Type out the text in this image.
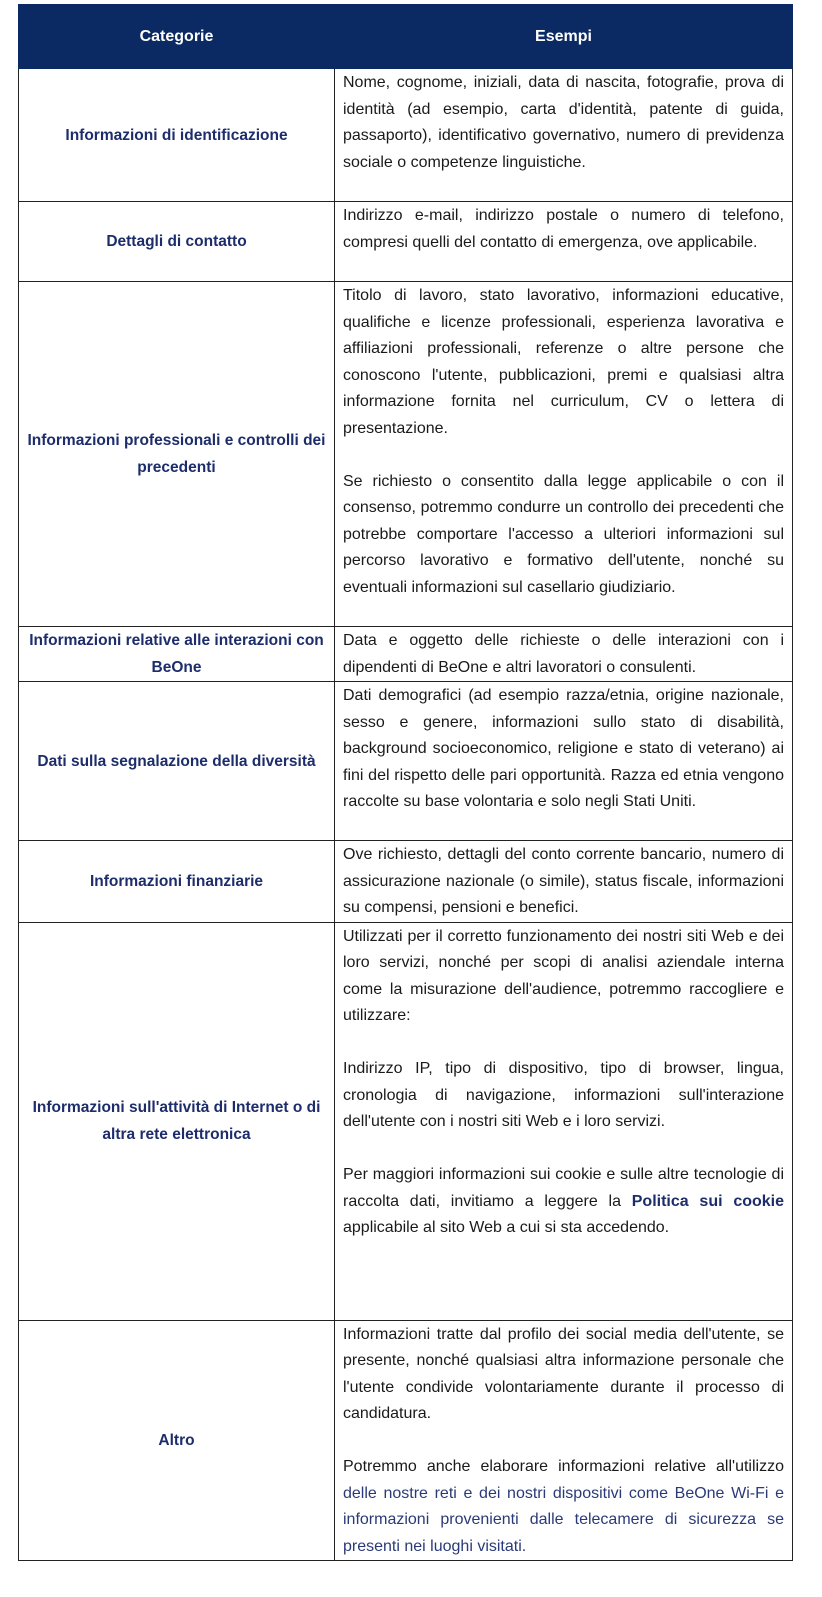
Categorie	Esempi
Informazioni di identificazione	Nome, cognome, iniziali, data di nascita, fotografie, prova di identità (ad esempio, carta d'identità, patente di guida, passaporto), identificativo governativo, numero di previdenza sociale o competenze linguistiche.

Dettagli di contatto	Indirizzo e-mail, indirizzo postale o numero di telefono, compresi quelli del contatto di emergenza, ove applicabile.

Informazioni professionali e controlli dei precedenti	Titolo di lavoro, stato lavorativo, informazioni educative, qualifiche e licenze professionali, esperienza lavorativa e affiliazioni professionali, referenze o altre persone che conoscono l'utente, pubblicazioni, premi e qualsiasi altra informazione fornita nel curriculum, CV o lettera di presentazione.

Se richiesto o consentito dalla legge applicabile o con il consenso, potremmo condurre un controllo dei precedenti che potrebbe comportare l'accesso a ulteriori informazioni sul percorso lavorativo e formativo dell'utente, nonché su eventuali informazioni sul casellario giudiziario.

Informazioni relative alle interazioni con BeOne	Data e oggetto delle richieste o delle interazioni con i dipendenti di BeOne e altri lavoratori o consulenti.

Dati sulla segnalazione della diversità	Dati demografici (ad esempio razza/etnia, origine nazionale, sesso e genere, informazioni sullo stato di disabilità, background socioeconomico, religione e stato di veterano) ai fini del rispetto delle pari opportunità. Razza ed etnia vengono raccolte su base volontaria e solo negli Stati Uniti.

Informazioni finanziarie	Ove richiesto, dettagli del conto corrente bancario, numero di assicurazione nazionale (o simile), status fiscale, informazioni su compensi, pensioni e benefici.

Informazioni sull'attività di Internet o di altra rete elettronica	Utilizzati per il corretto funzionamento dei nostri siti Web e dei loro servizi, nonché per scopi di analisi aziendale interna come la misurazione dell'audience, potremmo raccogliere e utilizzare:

Indirizzo IP, tipo di dispositivo, tipo di browser, lingua, cronologia di navigazione, informazioni sull'interazione dell'utente con i nostri siti Web e i loro servizi.

Per maggiori informazioni sui cookie e sulle altre tecnologie di raccolta dati, invitiamo a leggere la Politica sui cookie applicabile al sito Web a cui si sta accedendo.

Altro	Informazioni tratte dal profilo dei social media dell'utente, se presente, nonché qualsiasi altra informazione personale che l'utente condivide volontariamente durante il processo di candidatura.

Potremmo anche elaborare informazioni relative all'utilizzo delle nostre reti e dei nostri dispositivi come BeOne Wi-Fi e informazioni provenienti dalle telecamere di sicurezza se presenti nei luoghi visitati.
